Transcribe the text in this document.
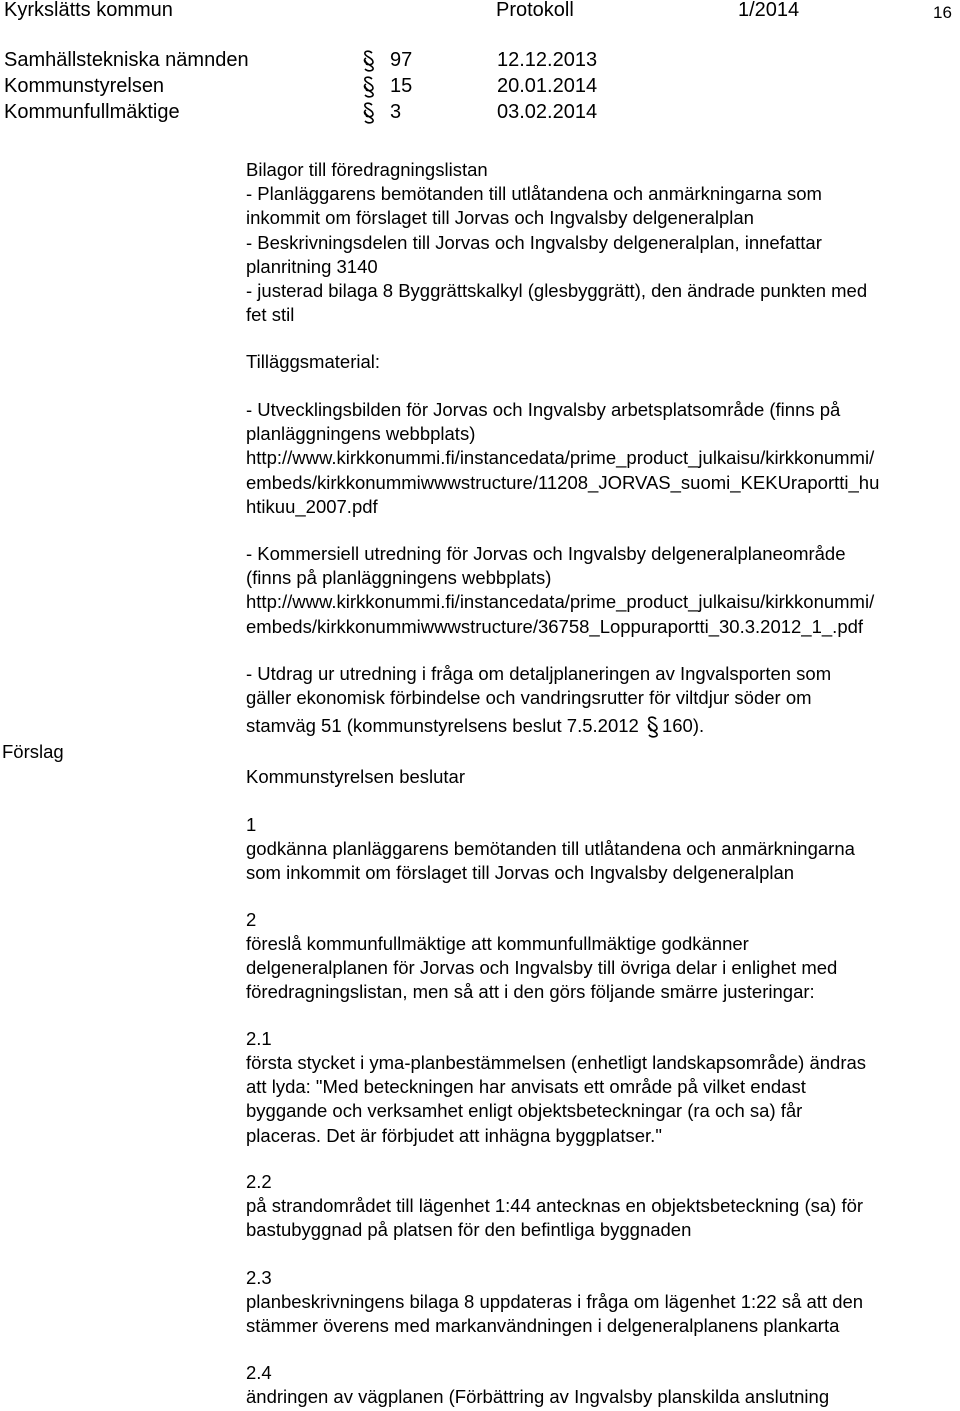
Kyrkslätts kommun	Protokoll	1/2014	16
Samhällstekniska nämnden	97	12.12.2013
Kommunstyrelsen	15	20.01.2014
Kommunfullmäktige	3	03.02.2014
Förslag
Bilagor till föredragningslistan
- Planläggarens bemötanden till utlåtandena och anmärkningarna som
inkommit om förslaget till Jorvas och Ingvalsby delgeneralplan
- Beskrivningsdelen till Jorvas och Ingvalsby delgeneralplan, innefattar
planritning 3140
- justerad bilaga 8 Byggrättskalkyl (glesbyggrätt), den ändrade punkten med
fet stil
Tilläggsmaterial:
- Utvecklingsbilden för Jorvas och Ingvalsby arbetsplatsområde (finns på
planläggningens webbplats)
http://www.kirkkonummi.fi/instancedata/prime_product_julkaisu/kirkkonummi/
embeds/kirkkonummiwwwstructure/11208_JORVAS_suomi_KEKUraportti_hu
htikuu_2007.pdf
- Kommersiell utredning för Jorvas och Ingvalsby delgeneralplaneområde
(finns på planläggningens webbplats)
http://www.kirkkonummi.fi/instancedata/prime_product_julkaisu/kirkkonummi/
embeds/kirkkonummiwwwstructure/36758_Loppuraportti_30.3.2012_1_.pdf
- Utdrag ur utredning i fråga om detaljplaneringen av Ingvalsporten som
gäller ekonomisk förbindelse och vandringsrutter för viltdjur söder om
stamväg 51 (kommunstyrelsens beslut 7.5.2012
160).
Kommunstyrelsen beslutar
1
godkänna planläggarens bemötanden till utlåtandena och anmärkningarna
som inkommit om förslaget till Jorvas och Ingvalsby delgeneralplan
2
föreslå kommunfullmäktige att kommunfullmäktige godkänner
delgeneralplanen för Jorvas och Ingvalsby till övriga delar i enlighet med
föredragningslistan, men så att i den görs följande smärre justeringar:
2.1
första stycket i yma-planbestämmelsen (enhetligt landskapsområde) ändras
att lyda: "Med beteckningen har anvisats ett område på vilket endast
byggande och verksamhet enligt objektsbeteckningar (ra och sa) får
placeras. Det är förbjudet att inhägna byggplatser."
2.2
på strandområdet till lägenhet 1:44 antecknas en objektsbeteckning (sa) för
bastubyggnad på platsen för den befintliga byggnaden
2.3
planbeskrivningens bilaga 8 uppdateras i fråga om lägenhet 1:22 så att den
stämmer överens med markanvändningen i delgeneralplanens plankarta
2.4
ändringen av vägplanen (Förbättring av Ingvalsby planskilda anslutning
